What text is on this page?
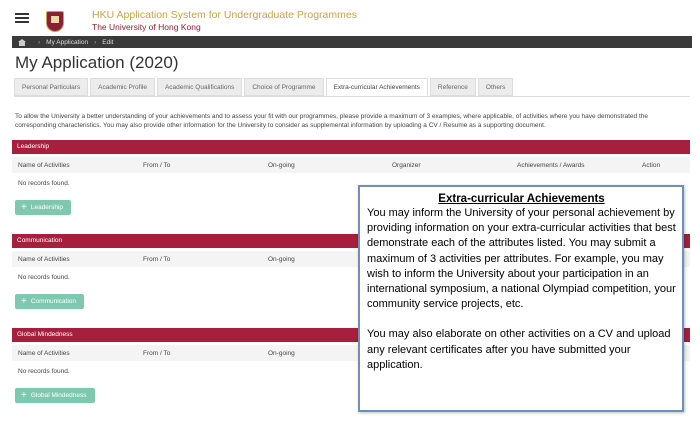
HKU Application System for Undergraduate Programmes
The University of Hong Kong
› My Application › Edit
My Application (2020)
Personal Particulars	Academic Profile	Academic Qualifications	Choice of Programme	Extra-curricular Achievements	Reference	Others
To allow the University a better understanding of your achievements and to assess your fit with our programmes, please provide a maximum of 3 examples, where applicable, of activities where you have demonstrated the corresponding characteristics. You may also provide other information for the University to consider as supplemental information by uploading a CV / Resume as a supporting document.
Leadership
Name of Activities	From / To	On-going	Organizer	Achievements / Awards	Action
No records found.
+ Leadership
Communication
Name of Activities	From / To	On-going
No records found.
+ Communication
Global Mindedness
Name of Activities	From / To	On-going
No records found.
+ Global Mindedness
Extra-curricular Achievements
You may inform the University of your personal achievement by providing information on your extra-curricular activities that best demonstrate each of the attributes listed. You may submit a maximum of 3 activities per attributes. For example, you may wish to inform the University about your participation in an international symposium, a national Olympiad competition, your community service projects, etc.
You may also elaborate on other activities on a CV and upload any relevant certificates after you have submitted your application.
